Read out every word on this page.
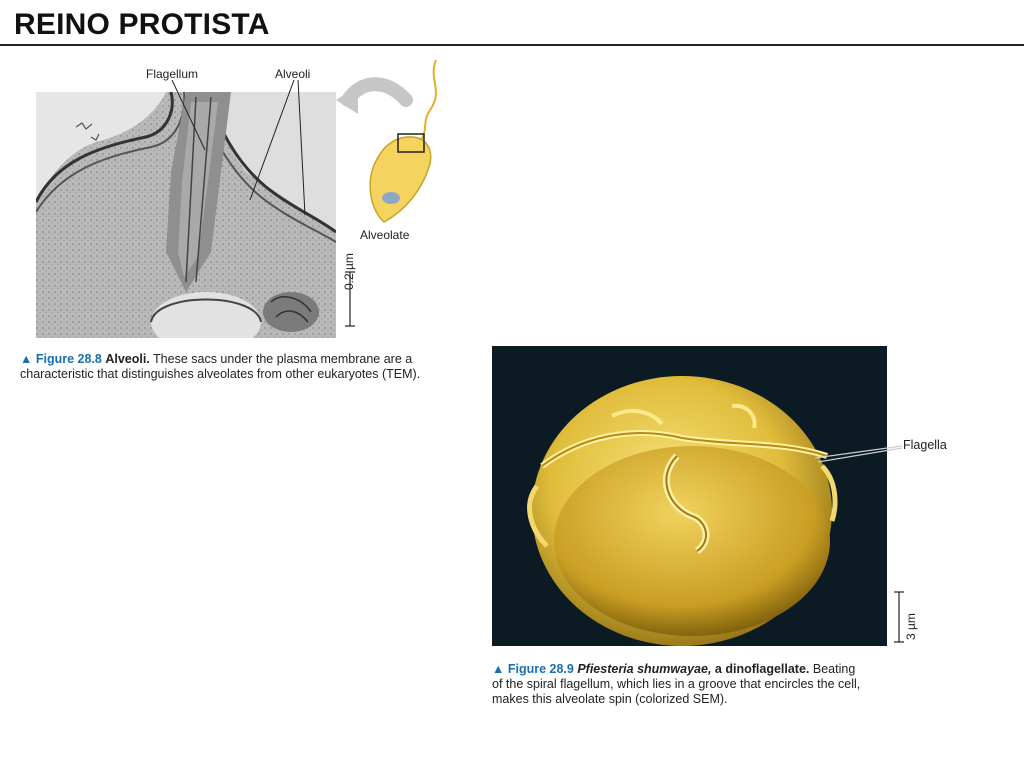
REINO PROTISTA
Flagellum	Alveoli
Alveolate
0.2 µm
▲ Figure 28.8 Alveoli. These sacs under the plasma membrane are a
characteristic that distinguishes alveolates from other eukaryotes (TEM).
Flagella
3 µm
▲ Figure 28.9 Pfiesteria shumwayae, a dinoflagellate. Beating
of the spiral flagellum, which lies in a groove that encircles the cell,
makes this alveolate spin (colorized SEM).
